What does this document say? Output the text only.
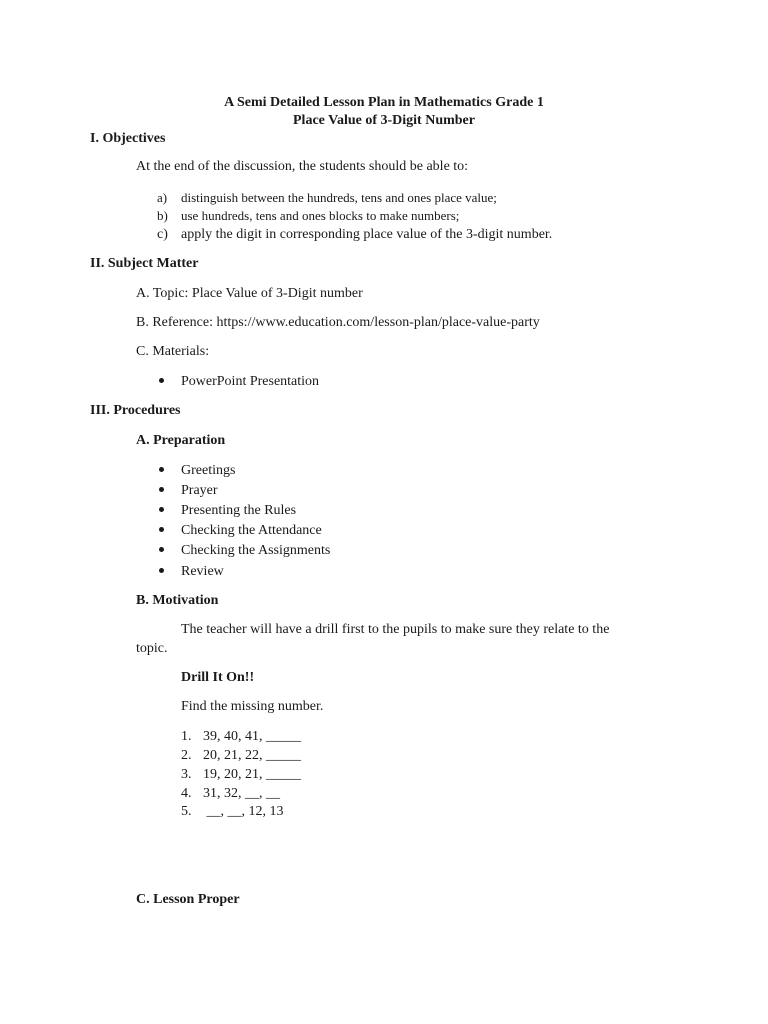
A Semi Detailed Lesson Plan in Mathematics Grade 1
Place Value of 3-Digit Number
I. Objectives
At the end of the discussion, the students should be able to:
a) distinguish between the hundreds, tens and ones place value;
b) use hundreds, tens and ones blocks to make numbers;
c) apply the digit in corresponding place value of the 3-digit number.
II. Subject Matter
A. Topic: Place Value of 3-Digit number
B. Reference: https://www.education.com/lesson-plan/place-value-party
C. Materials:
PowerPoint Presentation
III. Procedures
A. Preparation
Greetings
Prayer
Presenting the Rules
Checking the Attendance
Checking the Assignments
Review
B. Motivation
The teacher will have a drill first to the pupils to make sure they relate to the
topic.
Drill It On!!
Find the missing number.
1. 39, 40, 41, _____
2. 20, 21, 22, _____
3. 19, 20, 21, _____
4. 31, 32, __, __
5. __, __, 12, 13
C. Lesson Proper
